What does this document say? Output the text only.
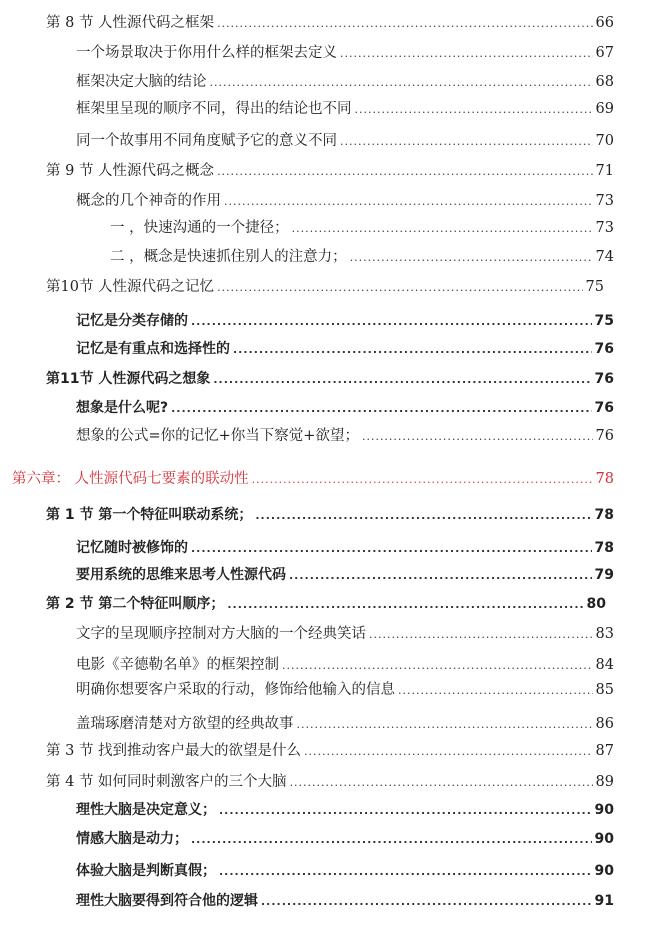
第 8 节 人性源代码之框架 .....	66
一个场景取决于你用什么样的框架去定义 .....	67
框架决定大脑的结论 .....	68
框架里呈现的顺序不同，得出的结论也不同 .....	69
同一个故事用不同角度赋予它的意义不同 .....	70
第 9 节 人性源代码之概念 .....	71
概念的几个神奇的作用 .....	73
一 ，快速沟通的一个捷径； .....	73
二 ，概念是快速抓住别人的注意力； .....	74
第10节 人性源代码之记忆 .....	75
记忆是分类存储的 .....	75
记忆是有重点和选择性的 .....	76
第11节 人性源代码之想象 .....	76
想象是什么呢? .....	76
想象的公式=你的记忆+你当下察觉+欲望； .....	76
第六章： 人性源代码七要素的联动性 .....	78
第 1 节 第一个特征叫联动系统； .....	78
记忆随时被修饰的 .....	78
要用系统的思维来思考人性源代码 .....	79
第 2 节 第二个特征叫顺序； .....	80
文字的呈现顺序控制对方大脑的一个经典笑话 .....	83
电影《辛德勒名单》的框架控制 .....	84
明确你想要客户采取的行动，修饰给他输入的信息 .....	85
盖瑞琢磨清楚对方欲望的经典故事 .....	86
第 3 节 找到推动客户最大的欲望是什么 .....	87
第 4 节 如何同时刺激客户的三个大脑 .....	89
理性大脑是决定意义； .....	90
情感大脑是动力； .....	90
体验大脑是判断真假； .....	90
理性大脑要得到符合他的逻辑 .....	91
